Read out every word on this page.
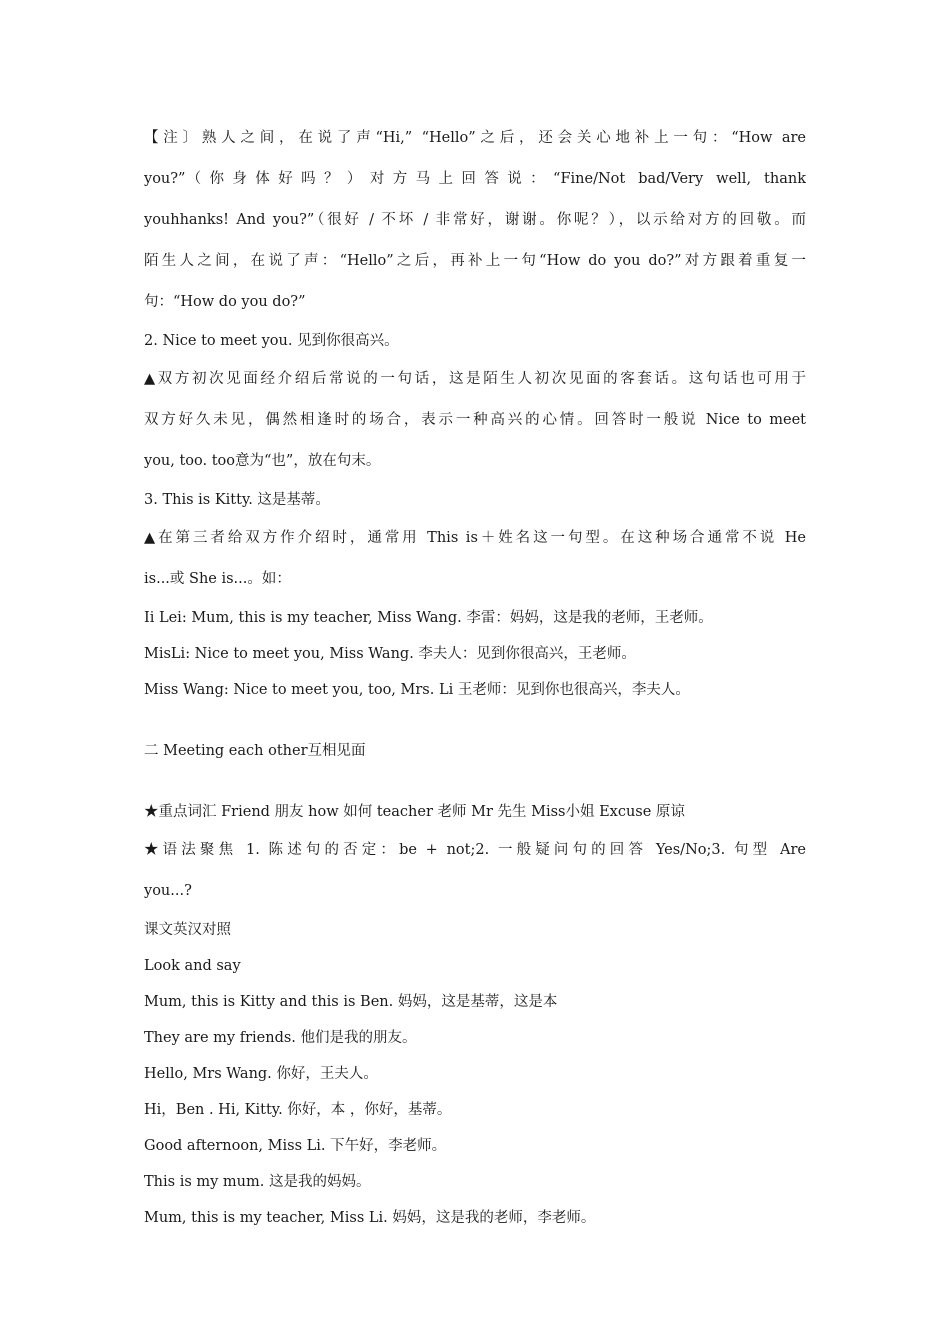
【注〕熟人之间，在说了声“Hi,” “Hello”之后，还会关心地补上一句：“How are
you?”（你身体好吗？）对方马上回答说：“Fine/Not bad/Very well, thank
youhhanks! And you?”（很好 / 不坏 / 非常好，谢谢。你呢？），以示给对方的回敬。而
陌生人之间，在说了声：“Hello”之后，再补上一句“How do you do?”对方跟着重复一
句：“How do you do?”
2. Nice to meet you. 见到你很高兴。
▲双方初次见面经介绍后常说的一句话，这是陌生人初次见面的客套话。这句话也可用于
双方好久未见，偶然相逢时的场合，表示一种高兴的心情。回答时一般说 Nice to meet
you, too. too意为“也”，放在句末。
3. This is Kitty. 这是基蒂。
▲在第三者给双方作介绍时，通常用 This is＋姓名这一句型。在这种场合通常不说 He
is...或 She is...。如：
Ii Lei: Mum, this is my teacher, Miss Wang. 李雷：妈妈，这是我的老师，王老师。
MisLi: Nice to meet you, Miss Wang. 李夫人：见到你很高兴，王老师。
Miss Wang: Nice to meet you, too, Mrs. Li 王老师：见到你也很高兴，李夫人。
二 Meeting each other互相见面
★重点词汇 Friend 朋友 how 如何 teacher 老师 Mr 先生 Miss小姐 Excuse 原谅
★语法聚焦 1. 陈述句的否定：be + not;2. 一般疑问句的回答 Yes/No;3. 句型 Are
you...?
课文英汉对照
Look and say
Mum, this is Kitty and this is Ben. 妈妈，这是基蒂，这是本
They are my friends. 他们是我的朋友。
Hello, Mrs Wang. 你好，王夫人。
Hi，Ben . Hi, Kitty. 你好，本 ，你好，基蒂。
Good afternoon, Miss Li. 下午好，李老师。
This is my mum. 这是我的妈妈。
Mum, this is my teacher, Miss Li. 妈妈，这是我的老师，李老师。
